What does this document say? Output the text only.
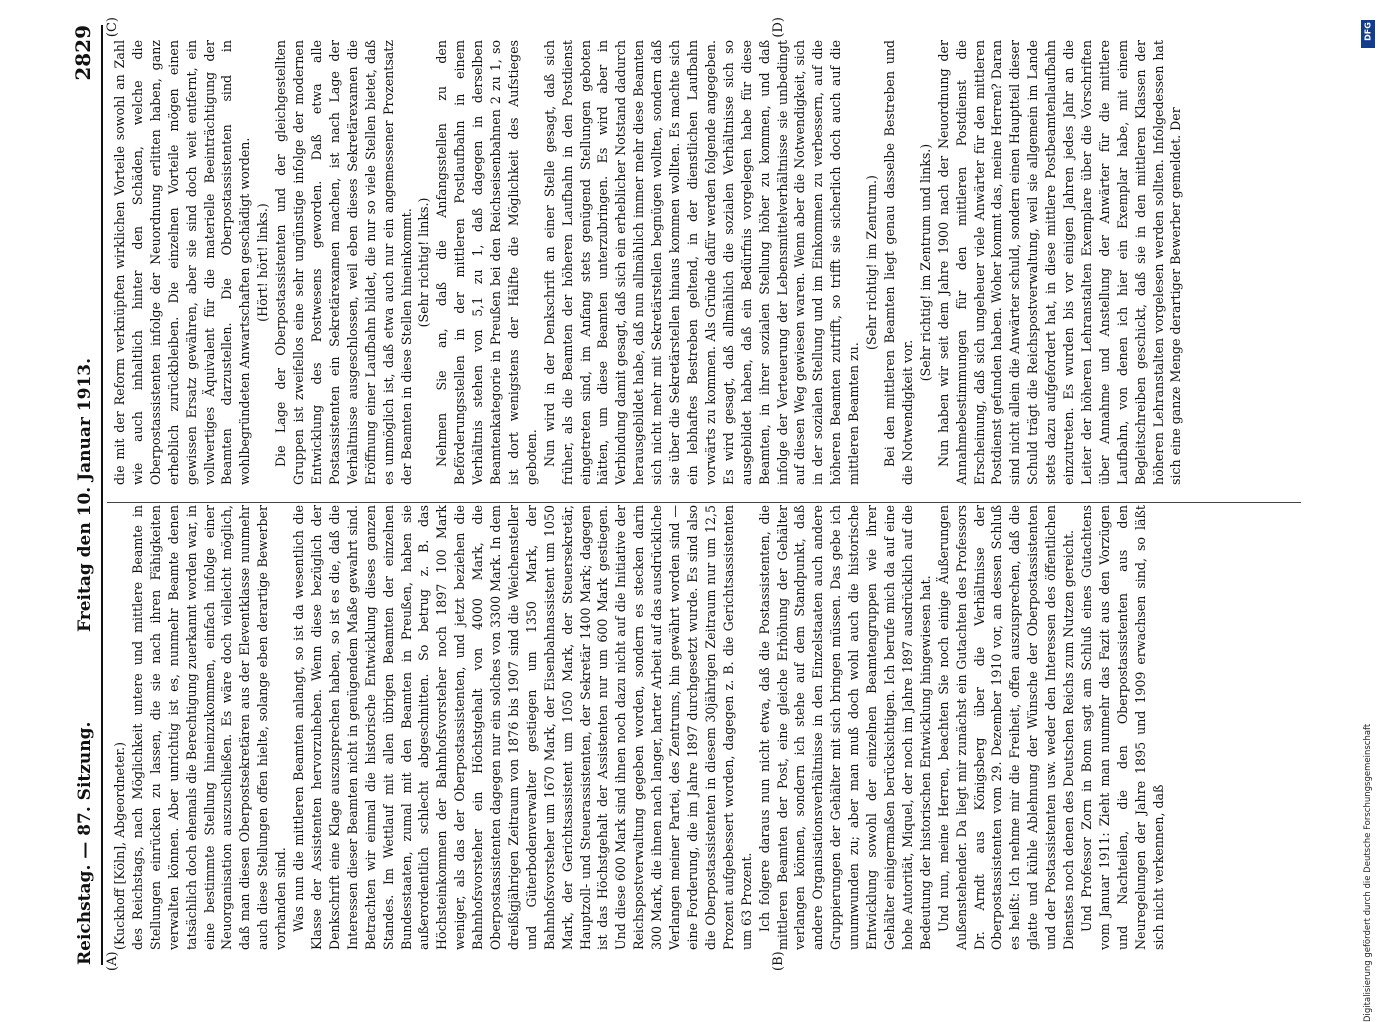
Reichstag. — 87. Sitzung.
Freitag den 10. Januar 1913.
2829

(Kuckhoff [Köln], Abgeordneter.) des Reichstags, nach Möglichkeit untere und mittlere Beamte in Stellungen einrücken zu lassen, die sie nach ihren Fähigkeiten verwalten können. Aber unrichtig ist es, nunmehr Beamte denen tatsächlich doch ehemals die Berechtigung zuerkannt worden war, in eine bestimmte Stellung hineinzukommen, einfach infolge einer Neuorganisation auszuschließen. Es wäre doch vielleicht möglich, daß man diesen Oberpostsekretären aus der Eleventklasse nunmehr auch diese Stellungen offen hielte, solange eben derartige Bewerber vorhanden sind. Was nun die mittleren Beamten anlangt, so ist da wesentlich die Klasse der Assistenten hervorzuheben. Wenn diese bezüglich der Denkschrift eine Klage auszusprechen haben, so ist es die, daß die Interessen dieser Beamten nicht in genügendem Maße gewahrt sind. Betrachten wir einmal die historische Entwicklung dieses ganzen Standes. Im Wettlauf mit allen übrigen Beamten der einzelnen Bundesstaaten, zumal mit den Beamten in Preußen, haben sie außerordentlich schlecht abgeschnitten. So betrug z. B. das Höchsteinkommen der Bahnhofsvorsteher noch 1897 100 Mark weniger, als das der Oberpostassistenten, und jetzt beziehen die Bahnhofsvorsteher ein Höchstgehalt von 4000 Mark, die Oberpostassistenten dagegen nur ein solches von 3300 Mark. In dem dreißigjährigen Zeitraum von 1876 bis 1907 sind die Weichensteller und Güterbodenverwalter gestiegen um 1350 Mark, der Bahnhofsvorsteher um 1670 Mark, der Eisenbahnassistent um 1050 Mark, der Gerichtsassistent um 1050 Mark, der Steuersekretär, Hauptzoll- und Steuerassistenten, der Sekretär 1400 Mark; dagegen ist das Höchstgehalt der Assistenten nur um 600 Mark gestiegen. Und diese 600 Mark sind ihnen noch dazu nicht auf die Initiative der Reichspostverwaltung gegeben worden, sondern es stecken darin 300 Mark, die ihnen nach langer, harter Arbeit auf das ausdrückliche Verlangen meiner Partei, des Zentrums, hin gewährt worden sind — eine Forderung, die im Jahre 1897 durchgesetzt wurde. Es sind also die Oberpostassistenten in diesem 30jährigen Zeitraum nur um 12,5 Prozent aufgebessert worden, dagegen z. B. die Gerichtsassistenten um 63 Prozent. Ich folgere daraus nun nicht etwa, daß die Postassistenten, die mittleren Beamten der Post, eine gleiche Erhöhung der Gehälter verlangen können, sondern ich stehe auf dem Standpunkt, daß andere Organisationsverhältnisse in den Einzelstaaten auch andere Gruppierungen der Gehälter mit sich bringen müssen. Das gebe ich unumwunden zu; aber man muß doch wohl auch die historische Entwicklung sowohl der einzelnen Beamtengruppen wie ihrer Gehälter einigermaßen berücksichtigen. Ich berufe mich da auf eine hohe Autorität, Miquel, der noch im Jahre 1897 ausdrücklich auf die Bedeutung der historischen Entwicklung hingewiesen hat. Und nun, meine Herren, beachten Sie noch einige Äußerungen Außenstehender. Da liegt mir zunächst ein Gutachten des Professors Dr. Arndt aus Königsberg über die Verhältnisse der Oberpostassistenten vom 29. Dezember 1910 vor, an dessen Schluß es heißt: Ich nehme mir die Freiheit, offen auszusprechen, daß die glatte und kühle Ablehnung der Wünsche der Oberpostassistenten und der Postassistenten usw. weder den Interessen des öffentlichen Dienstes noch denen des Deutschen Reichs zum Nutzen gereicht. Und Professor Zorn in Bonn sagt am Schluß eines Gutachtens vom Januar 1911: Zieht man nunmehr das Fazit aus den Vorzügen und Nachteilen, die den Oberpostassistenten aus den Neuregelungen der Jahre 1895 und 1909 erwachsen sind, so läßt sich nicht verkennen, daß

die mit der Reform verknüpften wirklichen Vorteile sowohl an Zahl wie auch inhaltlich hinter den Schäden, welche die Oberpostassistenten infolge der Neuordnung erlitten haben, ganz erheblich zurückbleiben. Die einzelnen Vorteile mögen einen gewissen Ersatz gewähren, aber sie sind doch weit entfernt, ein vollwertiges Äquivalent für die materielle Beeinträchtigung der Beamten darzustellen. Die Oberpostassistenten sind in wohlbegründeten Anwartschaften geschädigt worden. (Hört! hört! links.) Die Lage der Oberpostassistenten und der gleichgestellten Gruppen ist zweifellos eine sehr ungünstige infolge der modernen Entwicklung des Postwesens geworden. Daß etwa alle Postassistenten ein Sekretärexamen machen, ist nach Lage der Verhältnisse ausgeschlossen, weil eben dieses Sekretärexamen die Eröffnung einer Laufbahn bildet, die nur so viele Stellen bietet, daß es unmöglich ist, daß etwa auch nur ein angemessener Prozentsatz der Beamten in diese Stellen hineinkommt. (Sehr richtig! links.) Nehmen Sie an, daß die Anfangsstellen zu den Beförderungsstellen in der mittleren Postlaufbahn in einem Verhältnis stehen von 5,1 zu 1, daß dagegen in derselben Beamtenkategorie in Preußen bei den Reichseisenbahnen 2 zu 1, so ist dort wenigstens der Hälfte die Möglichkeit des Aufstieges geboten. Nun wird in der Denkschrift an einer Stelle gesagt, daß sich früher, als die Beamten der höheren Laufbahn in den Postdienst eingetreten sind, im Anfang stets genügend Stellungen geboten hätten, um diese Beamten unterzubringen. Es wird aber in Verbindung damit gesagt, daß sich ein erheblicher Notstand dadurch herausgebildet habe, daß nun allmählich immer mehr diese Beamten sich nicht mehr mit Sekretärstellen begnügen wollten, sondern daß sie über die Sekretärstellen hinaus kommen wollten. Es machte sich ein lebhaftes Bestreben geltend, in der dienstlichen Laufbahn vorwärts zu kommen. Als Gründe dafür werden folgende angegeben. Es wird gesagt, daß allmählich die sozialen Verhältnisse sich so ausgebildet haben, daß ein Bedürfnis vorgelegen habe für diese Beamten, in ihrer sozialen Stellung höher zu kommen, und daß infolge der Verteuerung der Lebensmittelverhältnisse sie unbedingt auf diesen Weg gewiesen waren. Wenn aber die Notwendigkeit, sich in der sozialen Stellung und im Einkommen zu verbessern, auf die höheren Beamten zutrifft, so trifft sie sicherlich doch auch auf die mittleren Beamten zu.

(Sehr richtig! im Zentrum.) Bei den mittleren Beamten liegt genau dasselbe Bestreben und die Notwendigkeit vor.

(Sehr richtig! im Zentrum und links.) Nun haben wir seit dem Jahre 1900 nach der Neuordnung der Annahmebestimmungen für den mittleren Postdienst die Erscheinung, daß sich ungeheuer viele Anwärter für den mittleren Postdienst gefunden haben. Woher kommt das, meine Herren? Daran sind nicht allein die Anwärter schuld, sondern einen Hauptteil dieser Schuld trägt die Reichspostverwaltung, weil sie allgemein im Lande stets dazu aufgefordert hat, in diese mittlere Postbeamtenlaufbahn einzutreten. Es wurden bis vor einigen Jahren jedes Jahr an die Leiter der höheren Lehranstalten Exemplare über die Vorschriften über Annahme und Anstellung der Anwärter für die mittlere Laufbahn, von denen ich hier ein Exemplar habe, mit einem Begleitschreiben geschickt, daß sie in den mittleren Klassen der höheren Lehranstalten vorgelesen werden sollten. Infolgedessen hat sich eine ganze Menge derartiger Bewerber gemeldet. Der

(A)	(B)
(C)	(D)	DFG
Digitalisierung gefördert durch die Deutsche Forschungsgemeinschaft
